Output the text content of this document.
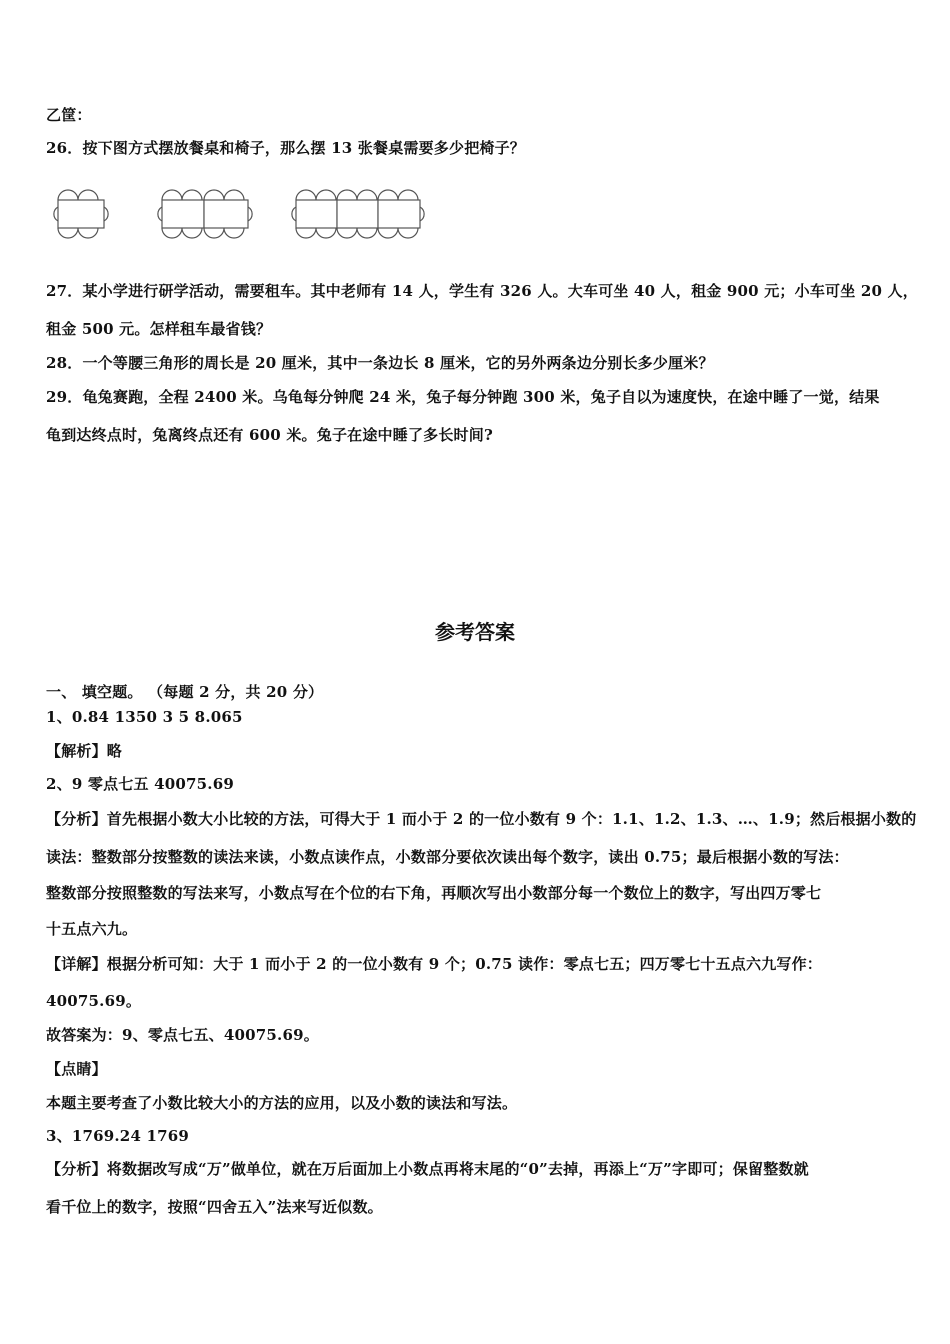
乙筐：
26．按下图方式摆放餐桌和椅子，那么摆 13 张餐桌需要多少把椅子？
27．某小学进行研学活动，需要租车。其中老师有 14 人，学生有 326 人。大车可坐 40 人，租金 900 元；小车可坐 20 人，
租金 500 元。怎样租车最省钱？
28．一个等腰三角形的周长是 20 厘米，其中一条边长 8 厘米，它的另外两条边分别长多少厘米？
29．龟兔赛跑，全程 2400 米。乌龟每分钟爬 24 米，兔子每分钟跑 300 米，兔子自以为速度快，在途中睡了一觉，结果
龟到达终点时，兔离终点还有 600 米。兔子在途中睡了多长时间?
参考答案
一、 填空题。 （每题 2 分，共 20 分）
1、0.84 1350 3 5 8.065
【解析】略
2、9 零点七五 40075.69
【分析】首先根据小数大小比较的方法，可得大于 1 而小于 2 的一位小数有 9 个：1.1、1.2、1.3、…、1.9；然后根据小数的
读法：整数部分按整数的读法来读，小数点读作点，小数部分要依次读出每个数字，读出 0.75；最后根据小数的写法：
整数部分按照整数的写法来写，小数点写在个位的右下角，再顺次写出小数部分每一个数位上的数字，写出四万零七
十五点六九。
【详解】根据分析可知：大于 1 而小于 2 的一位小数有 9 个；0.75 读作：零点七五；四万零七十五点六九写作：
40075.69。
故答案为：9、零点七五、40075.69。
【点睛】
本题主要考查了小数比较大小的方法的应用，以及小数的读法和写法。
3、1769.24 1769
【分析】将数据改写成“万”做单位，就在万后面加上小数点再将末尾的“0”去掉，再添上“万”字即可；保留整数就
看千位上的数字，按照“四舍五入”法来写近似数。
